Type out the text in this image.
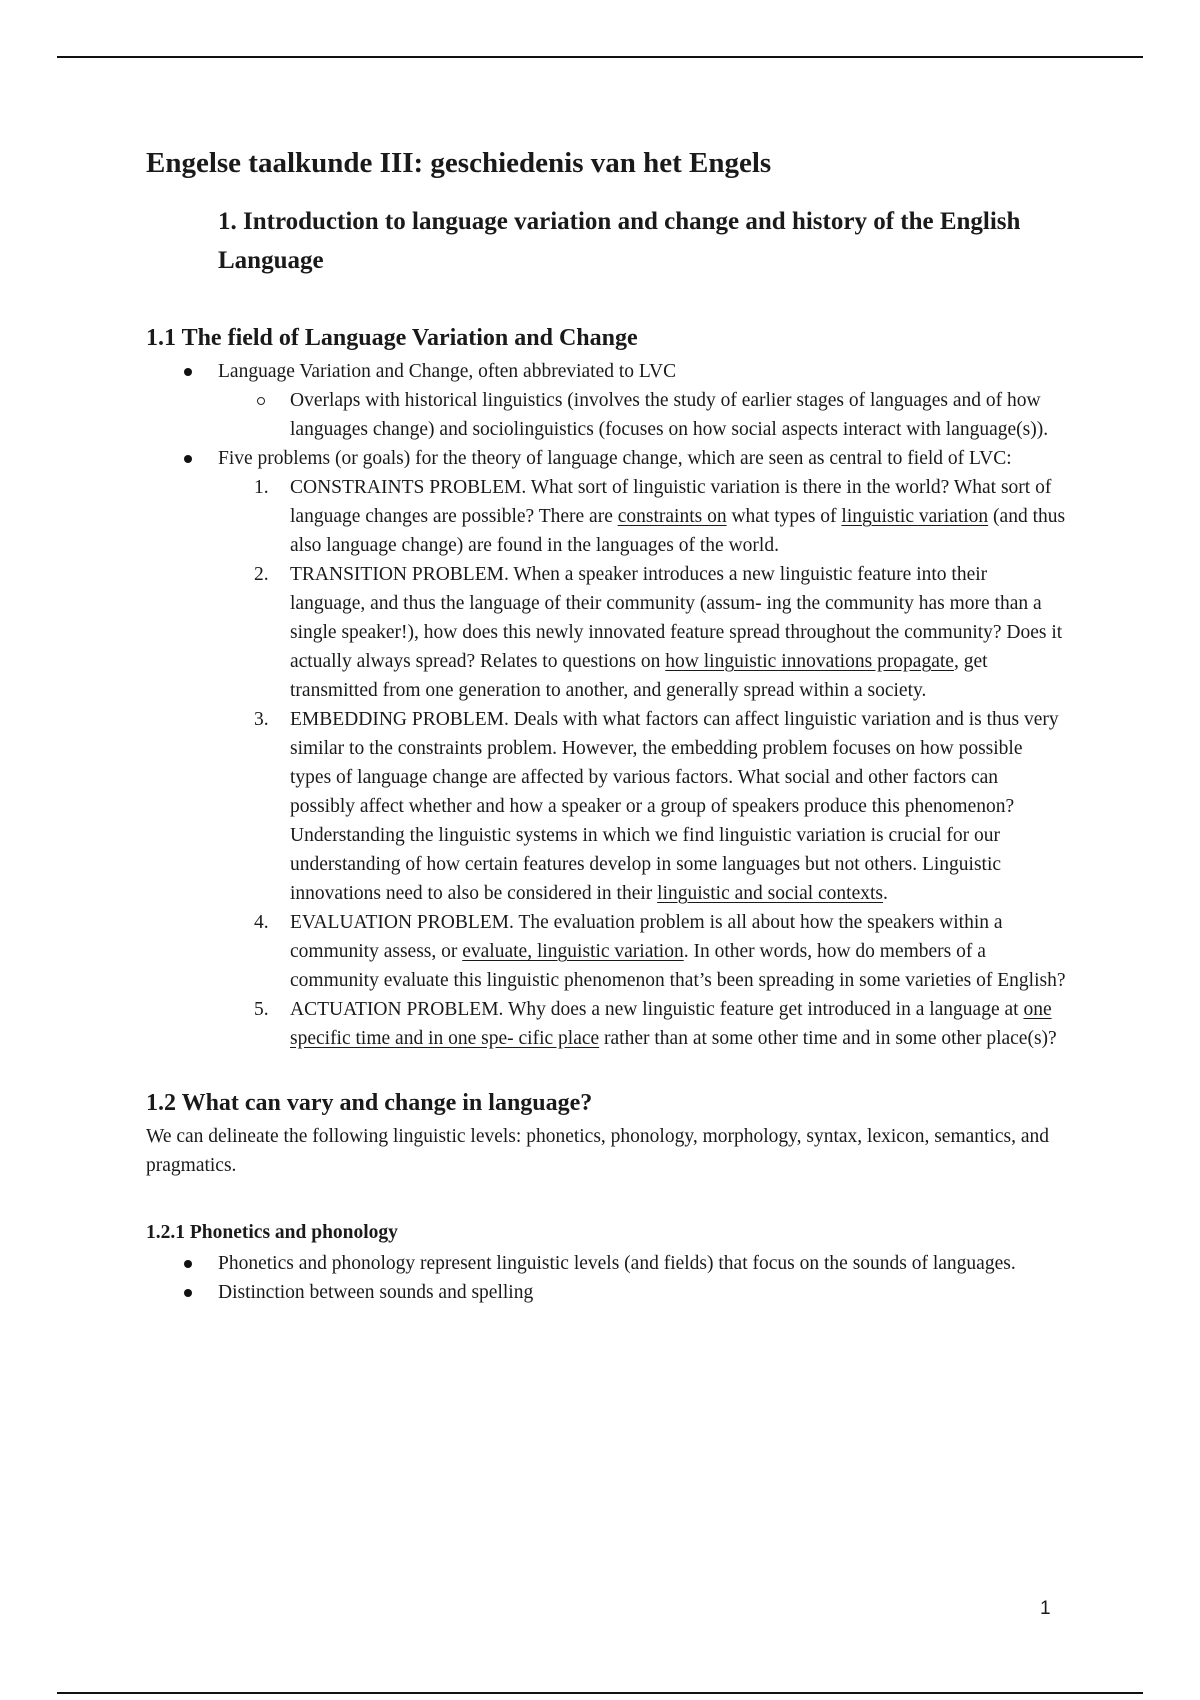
Engelse taalkunde III: geschiedenis van het Engels
1. Introduction to language variation and change and history of the English Language
1.1 The field of Language Variation and Change
Language Variation and Change, often abbreviated to LVC
Overlaps with historical linguistics (involves the study of earlier stages of languages and of how languages change) and sociolinguistics (focuses on how social aspects interact with language(s)).
Five problems (or goals) for the theory of language change, which are seen as central to field of LVC:
1. CONSTRAINTS PROBLEM. What sort of linguistic variation is there in the world? What sort of language changes are possible? There are constraints on what types of linguistic variation (and thus also language change) are found in the languages of the world.
2. TRANSITION PROBLEM. When a speaker introduces a new linguistic feature into their language, and thus the language of their community (assum- ing the community has more than a single speaker!), how does this newly innovated feature spread throughout the community? Does it actually always spread? Relates to questions on how linguistic innovations propagate, get transmitted from one generation to another, and generally spread within a society.
3. EMBEDDING PROBLEM. Deals with what factors can affect linguistic variation and is thus very similar to the constraints problem. However, the embedding problem focuses on how possible types of language change are affected by various factors. What social and other factors can possibly affect whether and how a speaker or a group of speakers produce this phenomenon? Understanding the linguistic systems in which we find linguistic variation is crucial for our understanding of how certain features develop in some languages but not others. Linguistic innovations need to also be considered in their linguistic and social contexts.
4. EVALUATION PROBLEM. The evaluation problem is all about how the speakers within a community assess, or evaluate, linguistic variation. In other words, how do members of a community evaluate this linguistic phenomenon that’s been spreading in some varieties of English?
5. ACTUATION PROBLEM. Why does a new linguistic feature get introduced in a language at one specific time and in one spe- cific place rather than at some other time and in some other place(s)?
1.2 What can vary and change in language?

We can delineate the following linguistic levels: phonetics, phonology, morphology, syntax, lexicon, semantics, and pragmatics.

1.2.1 Phonetics and phonology
Phonetics and phonology represent linguistic levels (and fields) that focus on the sounds of languages.
Distinction between sounds and spelling
1
